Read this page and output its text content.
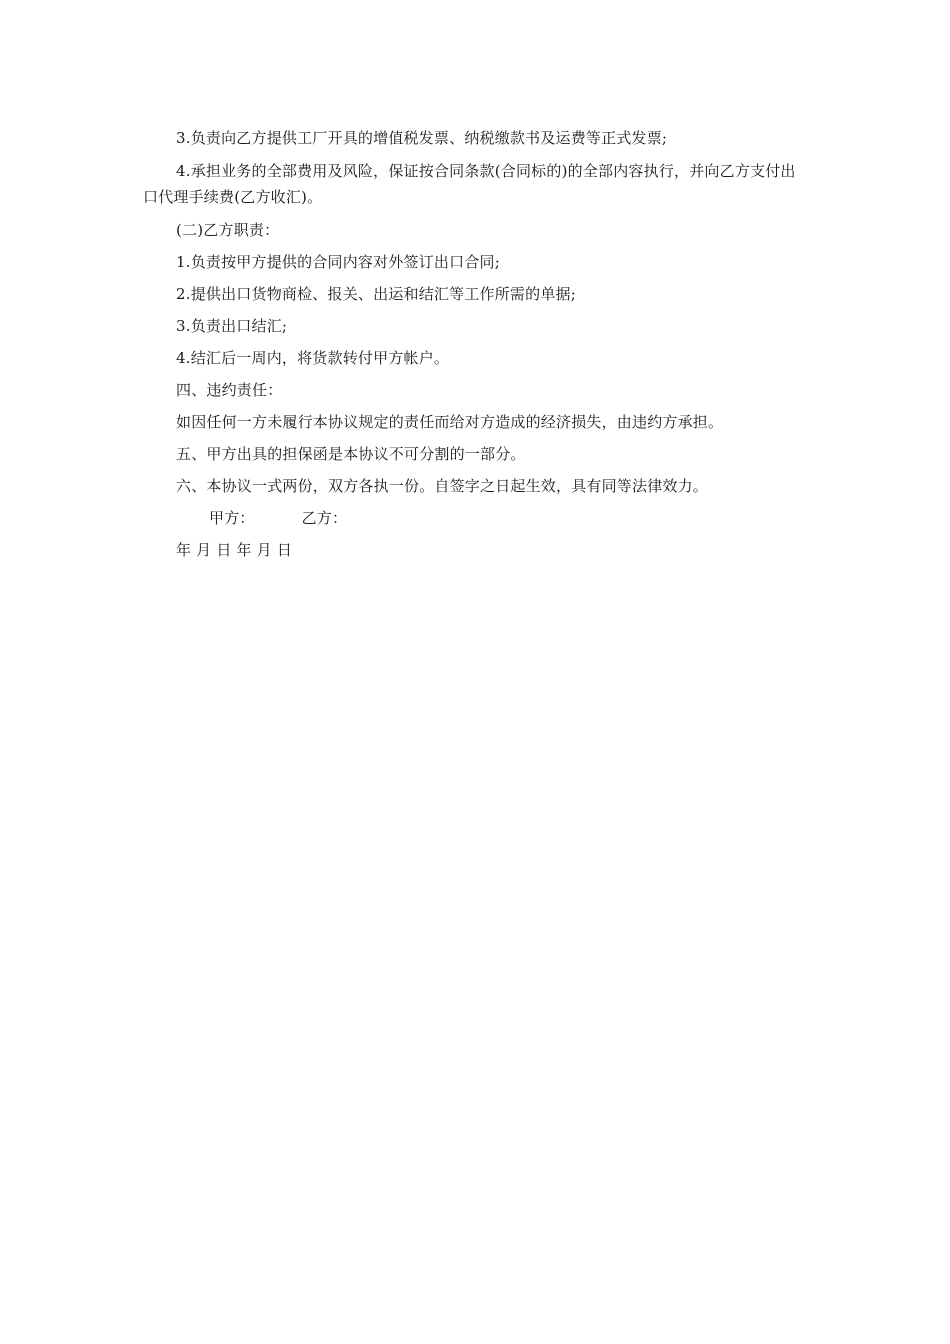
3.负责向乙方提供工厂开具的增值税发票、纳税缴款书及运费等正式发票;

4.承担业务的全部费用及风险，保证按合同条款(合同标的)的全部内容执行，并向乙方支付出口代理手续费(乙方收汇)。

(二)乙方职责：

1.负责按甲方提供的合同内容对外签订出口合同;

2.提供出口货物商检、报关、出运和结汇等工作所需的单据;

3.负责出口结汇;

4.结汇后一周内，将货款转付甲方帐户。

四、违约责任：

如因任何一方未履行本协议规定的责任而给对方造成的经济损失，由违约方承担。

五、甲方出具的担保函是本协议不可分割的一部分。

六、本协议一式两份，双方各执一份。自签字之日起生效，具有同等法律效力。

甲方：	乙方：

年 月 日 年 月 日
